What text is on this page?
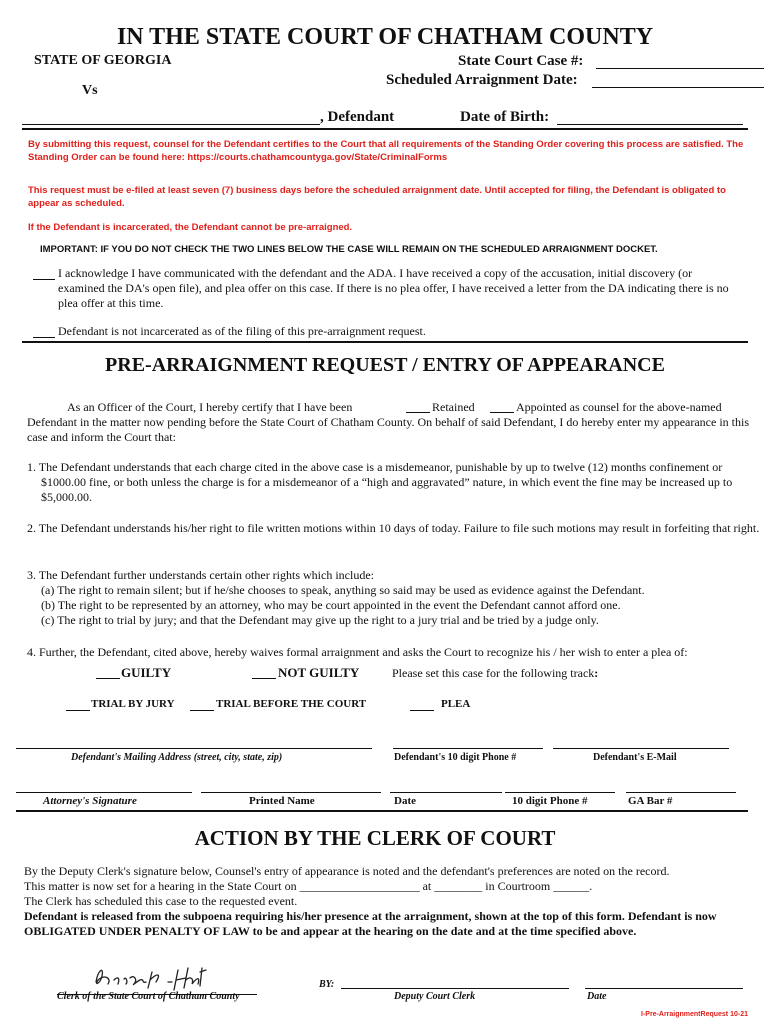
IN THE STATE COURT OF CHATHAM COUNTY
STATE OF GEORGIA
Vs
State Court Case #:
Scheduled Arraignment Date:
, Defendant	Date of Birth:
By submitting this request, counsel for the Defendant certifies to the Court that all requirements of the Standing Order covering this process are satisfied. The Standing Order can be found here: https://courts.chathamcountyga.gov/State/CriminalForms
This request must be e-filed at least seven (7) business days before the scheduled arraignment date. Until accepted for filing, the Defendant is obligated to appear as scheduled.
If the Defendant is incarcerated, the Defendant cannot be pre-arraigned.
IMPORTANT: IF YOU DO NOT CHECK THE TWO LINES BELOW THE CASE WILL REMAIN ON THE SCHEDULED ARRAIGNMENT DOCKET.
I acknowledge I have communicated with the defendant and the ADA. I have received a copy of the accusation, initial discovery (or examined the DA's open file), and plea offer on this case. If there is no plea offer, I have received a letter from the DA indicating there is no plea offer at this time.
Defendant is not incarcerated as of the filing of this pre-arraignment request.
PRE-ARRAIGNMENT REQUEST / ENTRY OF APPEARANCE
As an Officer of the Court, I hereby certify that I have been	Retained	Appointed as counsel for the above-named
Defendant in the matter now pending before the State Court of Chatham County. On behalf of said Defendant, I do hereby enter my appearance in this case and inform the Court that:
1. The Defendant understands that each charge cited in the above case is a misdemeanor, punishable by up to twelve (12) months confinement or $1000.00 fine, or both unless the charge is for a misdemeanor of a “high and aggravated” nature, in which event the fine may be increased up to $5,000.00.
2. The Defendant understands his/her right to file written motions within 10 days of today. Failure to file such motions may result in forfeiting that right.
3. The Defendant further understands certain other rights which include:
(a) The right to remain silent; but if he/she chooses to speak, anything so said may be used as evidence against the Defendant.
(b) The right to be represented by an attorney, who may be court appointed in the event the Defendant cannot afford one.
(c) The right to trial by jury; and that the Defendant may give up the right to a jury trial and be tried by a judge only.
4. Further, the Defendant, cited above, hereby waives formal arraignment and asks the Court to recognize his / her wish to enter a plea of:
GUILTY	NOT GUILTY	Please set this case for the following track:
TRIAL BY JURY	TRIAL BEFORE THE COURT	PLEA
Defendant's Mailing Address (street, city, state, zip)	Defendant's 10 digit Phone #	Defendant's E-Mail
Attorney's Signature	Printed Name	Date	10 digit Phone #	GA Bar #
ACTION BY THE CLERK OF COURT
By the Deputy Clerk's signature below, Counsel's entry of appearance is noted and the defendant's preferences are noted on the record.
This matter is now set for a hearing in the State Court on ____________________ at ________ in Courtroom ______.
The Clerk has scheduled this case to the requested event.
Defendant is released from the subpoena requiring his/her presence at the arraignment, shown at the top of this form. Defendant is now OBLIGATED UNDER PENALTY OF LAW to be and appear at the hearing on the date and at the time specified above.
Clerk of the State Court of Chatham County
BY:
Deputy Court Clerk	Date
I-Pre-ArraignmentRequest 10-21
